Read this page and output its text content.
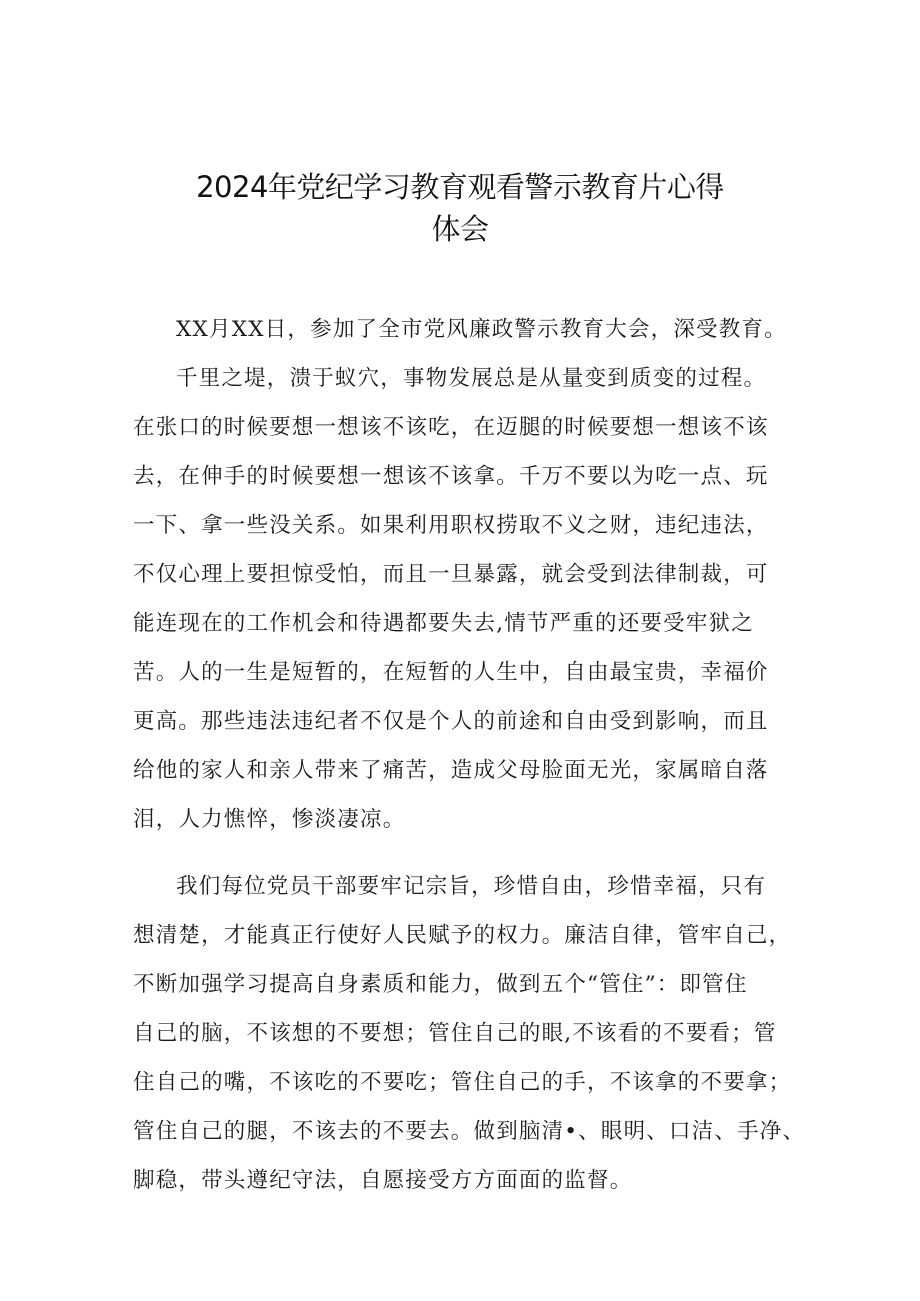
2024年党纪学习教育观看警示教育片心得
体会
XX月XX日，参加了全市党风廉政警示教育大会，深受教育。
千里之堤，溃于蚁穴，事物发展总是从量变到质变的过程。
在张口的时候要想一想该不该吃，在迈腿的时候要想一想该不该
去，在伸手的时候要想一想该不该拿。千万不要以为吃一点、玩
一下、拿一些没关系。如果利用职权捞取不义之财，违纪违法，
不仅心理上要担惊受怕，而且一旦暴露，就会受到法律制裁，可
能连现在的工作机会和待遇都要失去,情节严重的还要受牢狱之
苦。人的一生是短暂的，在短暂的人生中，自由最宝贵，幸福价
更高。那些违法违纪者不仅是个人的前途和自由受到影响，而且
给他的家人和亲人带来了痛苦，造成父母脸面无光，家属暗自落
泪，人力憔悴，惨淡凄凉。
我们每位党员干部要牢记宗旨，珍惜自由，珍惜幸福，只有
想清楚，才能真正行使好人民赋予的权力。廉洁自律，管牢自己，
不断加强学习提高自身素质和能力，做到五个“管住”：即管住
自己的脑，不该想的不要想；管住自己的眼,不该看的不要看；管
住自己的嘴，不该吃的不要吃；管住自己的手，不该拿的不要拿；
管住自己的腿，不该去的不要去。做到脑清•、眼明、口洁、手净、
脚稳，带头遵纪守法，自愿接受方方面面的监督。
